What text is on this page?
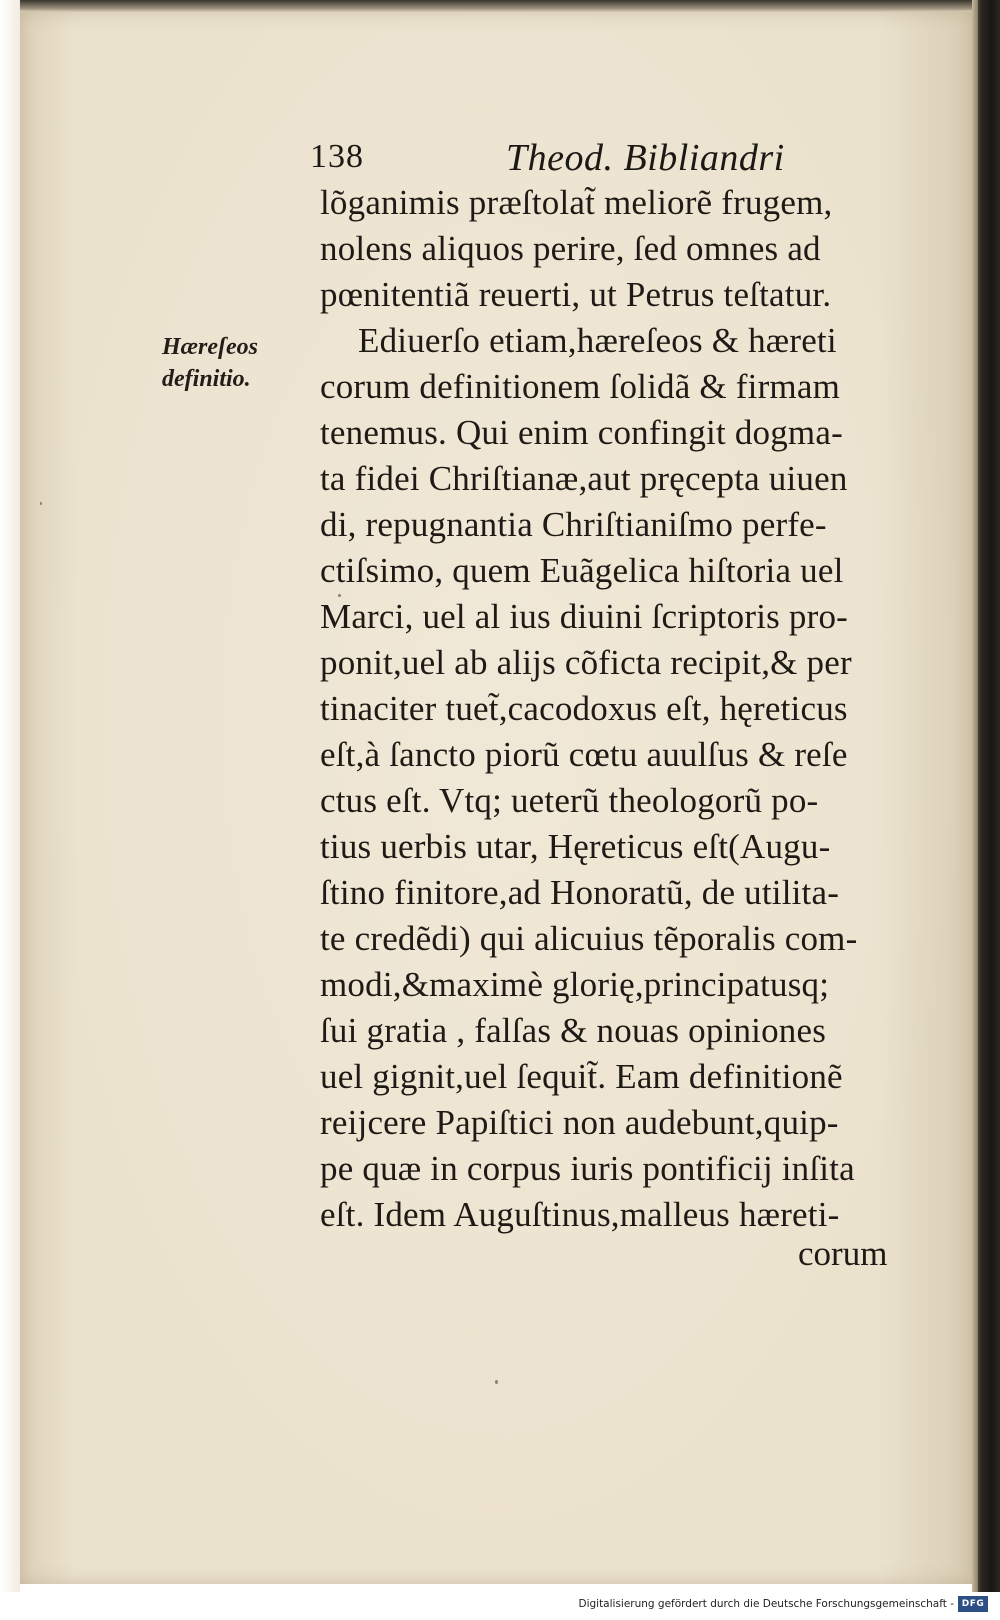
138	Theod. Bibliandri
Hæreſeos
definitio.
lõganimis præſtolat̃ meliorẽ frugem,
nolens aliquos perire, ſed omnes ad
pœnitentiã reuerti, ut Petrus teſtatur.
Ediuerſo etiam,hæreſeos & hæreti
corum definitionem ſolidã & firmam
tenemus. Qui enim confingit dogma-
ta fidei Chriſtianæ,aut pręcepta uiuen
di, repugnantia Chriſtianiſmo perfe-
ctiſsimo, quem Euãgelica hiſtoria uel
Marci, uel al ius diuini ſcriptoris pro-
ponit,uel ab alijs cõficta recipit,& per
tinaciter tuet̃,cacodoxus eſt, hęreticus
eſt,à ſancto piorũ cœtu auulſus & reſe
ctus eſt. Vtq; ueterũ theologorũ po-
tius uerbis utar, Hęreticus eſt(Augu-
ſtino finitore,ad Honoratũ, de utilita-
te credẽdi) qui alicuius tẽporalis com-
modi,&maximè glorię,principatusq;
ſui gratia , falſas & nouas opiniones
uel gignit,uel ſequit̃. Eam definitionẽ
reijcere Papiſtici non audebunt,quip-
pe quæ in corpus iuris pontificij inſita
eſt. Idem Auguſtinus,malleus hæreti-
corum
Digitalisierung gefördert durch die Deutsche Forschungsgemeinschaft - DFG
